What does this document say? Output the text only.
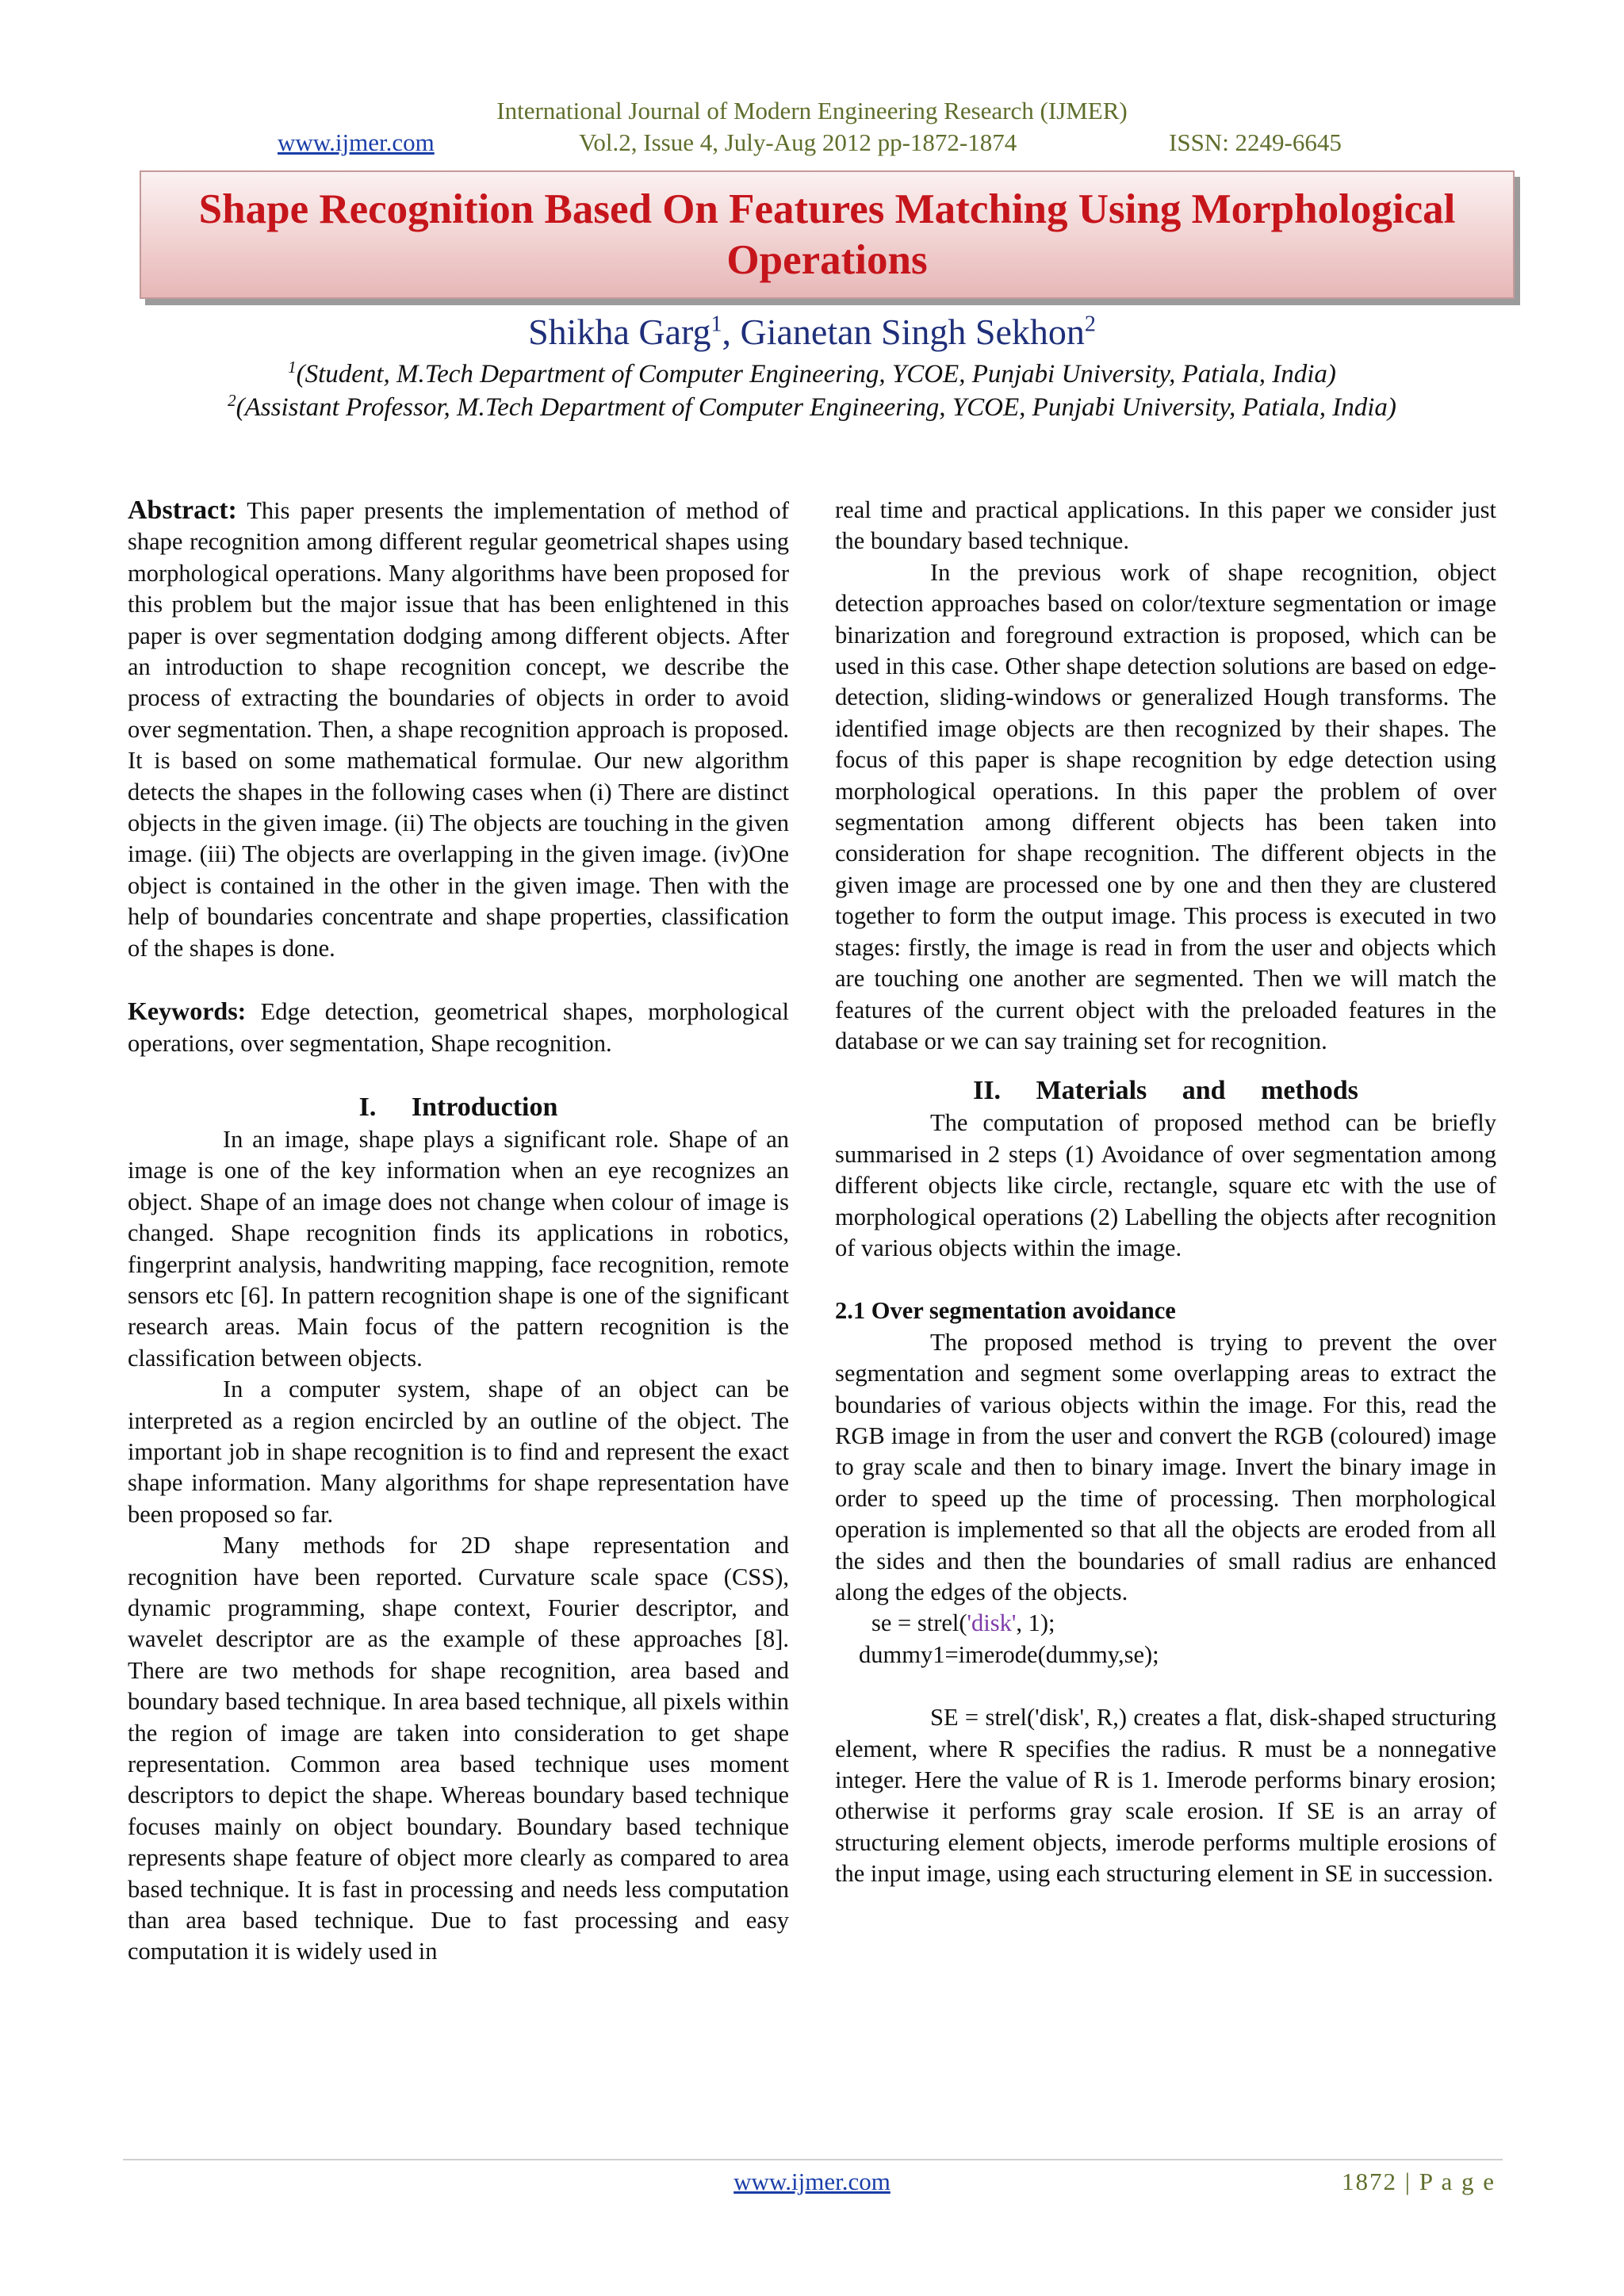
International Journal of Modern Engineering Research (IJMER)
www.ijmer.com	Vol.2, Issue 4, July-Aug 2012 pp-1872-1874	ISSN: 2249-6645
Shape Recognition Based On Features Matching Using Morphological Operations
Shikha Garg$^1$, Gianetan Singh Sekhon$^2$
$^1$(Student, M.Tech Department of Computer Engineering, YCOE, Punjabi University, Patiala, India)
$^2$(Assistant Professor, M.Tech Department of Computer Engineering, YCOE, Punjabi University, Patiala, India)

Abstract: This paper presents the implementation of method of shape recognition among different regular geometrical shapes using morphological operations. Many algorithms have been proposed for this problem but the major issue that has been enlightened in this paper is over segmentation dodging among different objects. After an introduction to shape recognition concept, we describe the process of extracting the boundaries of objects in order to avoid over segmentation. Then, a shape recognition approach is proposed. It is based on some mathematical formulae. Our new algorithm detects the shapes in the following cases when (i) There are distinct objects in the given image. (ii) The objects are touching in the given image. (iii) The objects are overlapping in the given image. (iv)One object is contained in the other in the given image. Then with the help of boundaries concentrate and shape properties, classification of the shapes is done.

Keywords: Edge detection, geometrical shapes, morphological operations, over segmentation, Shape recognition.

I. Introduction

In an image, shape plays a significant role. Shape of an image is one of the key information when an eye recognizes an object. Shape of an image does not change when colour of image is changed. Shape recognition finds its applications in robotics, fingerprint analysis, handwriting mapping, face recognition, remote sensors etc [6]. In pattern recognition shape is one of the significant research areas. Main focus of the pattern recognition is the classification between objects.

In a computer system, shape of an object can be interpreted as a region encircled by an outline of the object. The important job in shape recognition is to find and represent the exact shape information. Many algorithms for shape representation have been proposed so far.

Many methods for 2D shape representation and recognition have been reported. Curvature scale space (CSS), dynamic programming, shape context, Fourier descriptor, and wavelet descriptor are as the example of these approaches [8]. There are two methods for shape recognition, area based and boundary based technique. In area based technique, all pixels within the region of image are taken into consideration to get shape representation. Common area based technique uses moment descriptors to depict the shape. Whereas boundary based technique focuses mainly on object boundary. Boundary based technique represents shape feature of object more clearly as compared to area based technique. It is fast in processing and needs less computation than area based technique. Due to fast processing and easy computation it is widely used in

real time and practical applications. In this paper we consider just the boundary based technique.

In the previous work of shape recognition, object detection approaches based on color/texture segmentation or image binarization and foreground extraction is proposed, which can be used in this case. Other shape detection solutions are based on edge-detection, sliding-windows or generalized Hough transforms. The identified image objects are then recognized by their shapes. The focus of this paper is shape recognition by edge detection using morphological operations. In this paper the problem of over segmentation among different objects has been taken into consideration for shape recognition. The different objects in the given image are processed one by one and then they are clustered together to form the output image. This process is executed in two stages: firstly, the image is read in from the user and objects which are touching one another are segmented. Then we will match the features of the current object with the preloaded features in the database or we can say training set for recognition.

II. Materials and methods

The computation of proposed method can be briefly summarised in 2 steps (1) Avoidance of over segmentation among different objects like circle, rectangle, square etc with the use of morphological operations (2) Labelling the objects after recognition of various objects within the image.

2.1 Over segmentation avoidance

The proposed method is trying to prevent the over segmentation and segment some overlapping areas to extract the boundaries of various objects within the image. For this, read the RGB image in from the user and convert the RGB (coloured) image to gray scale and then to binary image. Invert the binary image in order to speed up the time of processing. Then morphological operation is implemented so that all the objects are eroded from all the sides and then the boundaries of small radius are enhanced along the edges of the objects.

se = strel('disk', 1);

dummy1=imerode(dummy,se);

SE = strel('disk', R,) creates a flat, disk-shaped structuring element, where R specifies the radius. R must be a nonnegative integer. Here the value of R is 1. Imerode performs binary erosion; otherwise it performs gray scale erosion. If SE is an array of structuring element objects, imerode performs multiple erosions of the input image, using each structuring element in SE in succession.

www.ijmer.com	1872 | P a g e
